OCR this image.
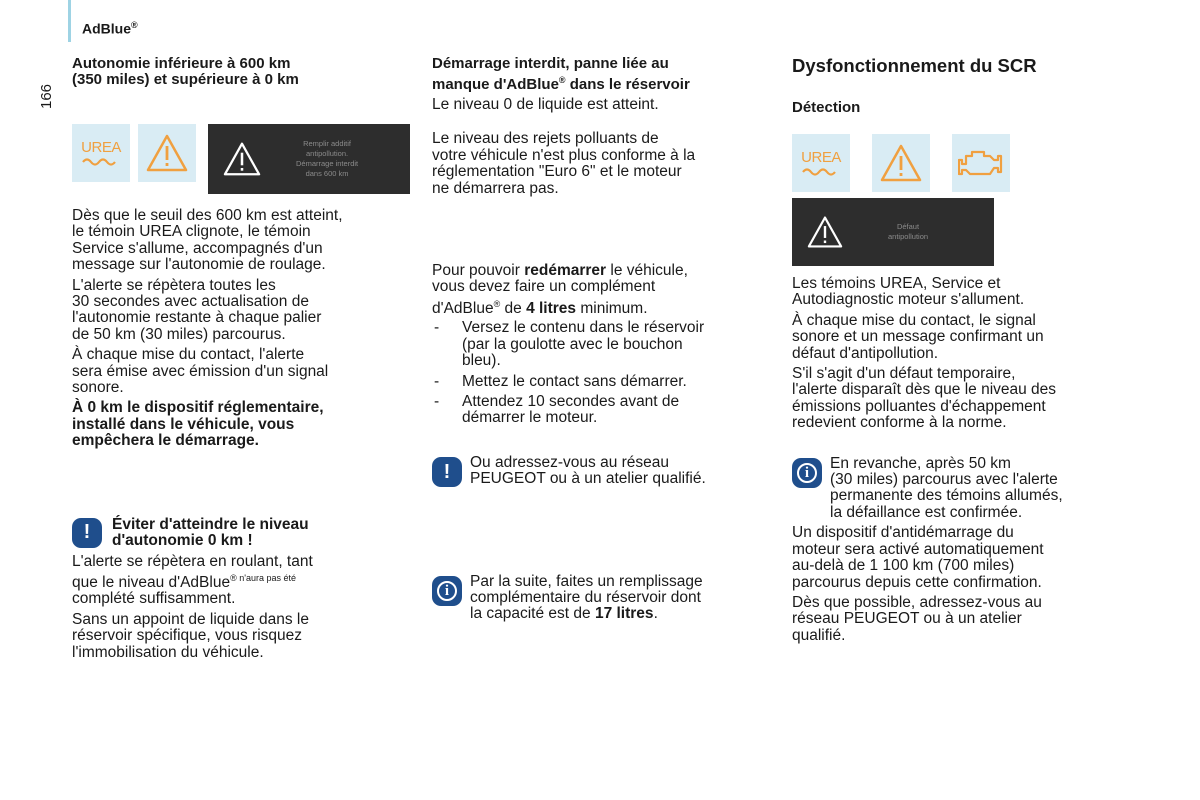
AdBlue®
166
Autonomie inférieure à 600 km
(350 miles) et supérieure à 0 km
UREA	Remplir additif
antipollution.
Démarrage interdit
dans 600 km
Dès que le seuil des 600 km est atteint,
le témoin UREA clignote, le témoin
Service s'allume, accompagnés d'un
message sur l'autonomie de roulage.
L'alerte se répètera toutes les
30 secondes avec actualisation de
l'autonomie restante à chaque palier
de 50 km (30 miles) parcourus.
À chaque mise du contact, l'alerte
sera émise avec émission d'un signal
sonore.
À 0 km le dispositif réglementaire,
installé dans le véhicule, vous
empêchera le démarrage.
!	Éviter d'atteindre le niveau
d'autonomie 0 km !
L'alerte se répètera en roulant, tant
que le niveau d'AdBlue$^{® n'aura pas été}$
complété suffisamment.
Sans un appoint de liquide dans le
réservoir spécifique, vous risquez
l'immobilisation du véhicule.
Démarrage interdit, panne liée au
manque d'AdBlue® dans le réservoir
Le niveau 0 de liquide est atteint.
Le niveau des rejets polluants de
votre véhicule n'est plus conforme à la
réglementation "Euro 6" et le moteur
ne démarrera pas.
Pour pouvoir redémarrer le véhicule,
vous devez faire un complément
d'AdBlue® de 4 litres minimum.
- Versez le contenu dans le réservoir
(par la goulotte avec le bouchon
bleu).
- Mettez le contact sans démarrer.
- Attendez 10 secondes avant de
démarrer le moteur.
!	Ou adressez-vous au réseau
PEUGEOT ou à un atelier qualifié.
i
Par la suite, faites un remplissage
complémentaire du réservoir dont
la capacité est de 17 litres.
Dysfonctionnement du SCR
Détection
UREA
Défaut
antipollution
Les témoins UREA, Service et
Autodiagnostic moteur s'allument.
À chaque mise du contact, le signal
sonore et un message confirmant un
défaut d'antipollution.
S'il s'agit d'un défaut temporaire,
l'alerte disparaît dès que le niveau des
émissions polluantes d'échappement
redevient conforme à la norme.
i
En revanche, après 50 km
(30 miles) parcourus avec l'alerte
permanente des témoins allumés,
la défaillance est confirmée.
Un dispositif d'antidémarrage du
moteur sera activé automatiquement
au-delà de 1 100 km (700 miles)
parcourus depuis cette confirmation.
Dès que possible, adressez-vous au
réseau PEUGEOT ou à un atelier
qualifié.
